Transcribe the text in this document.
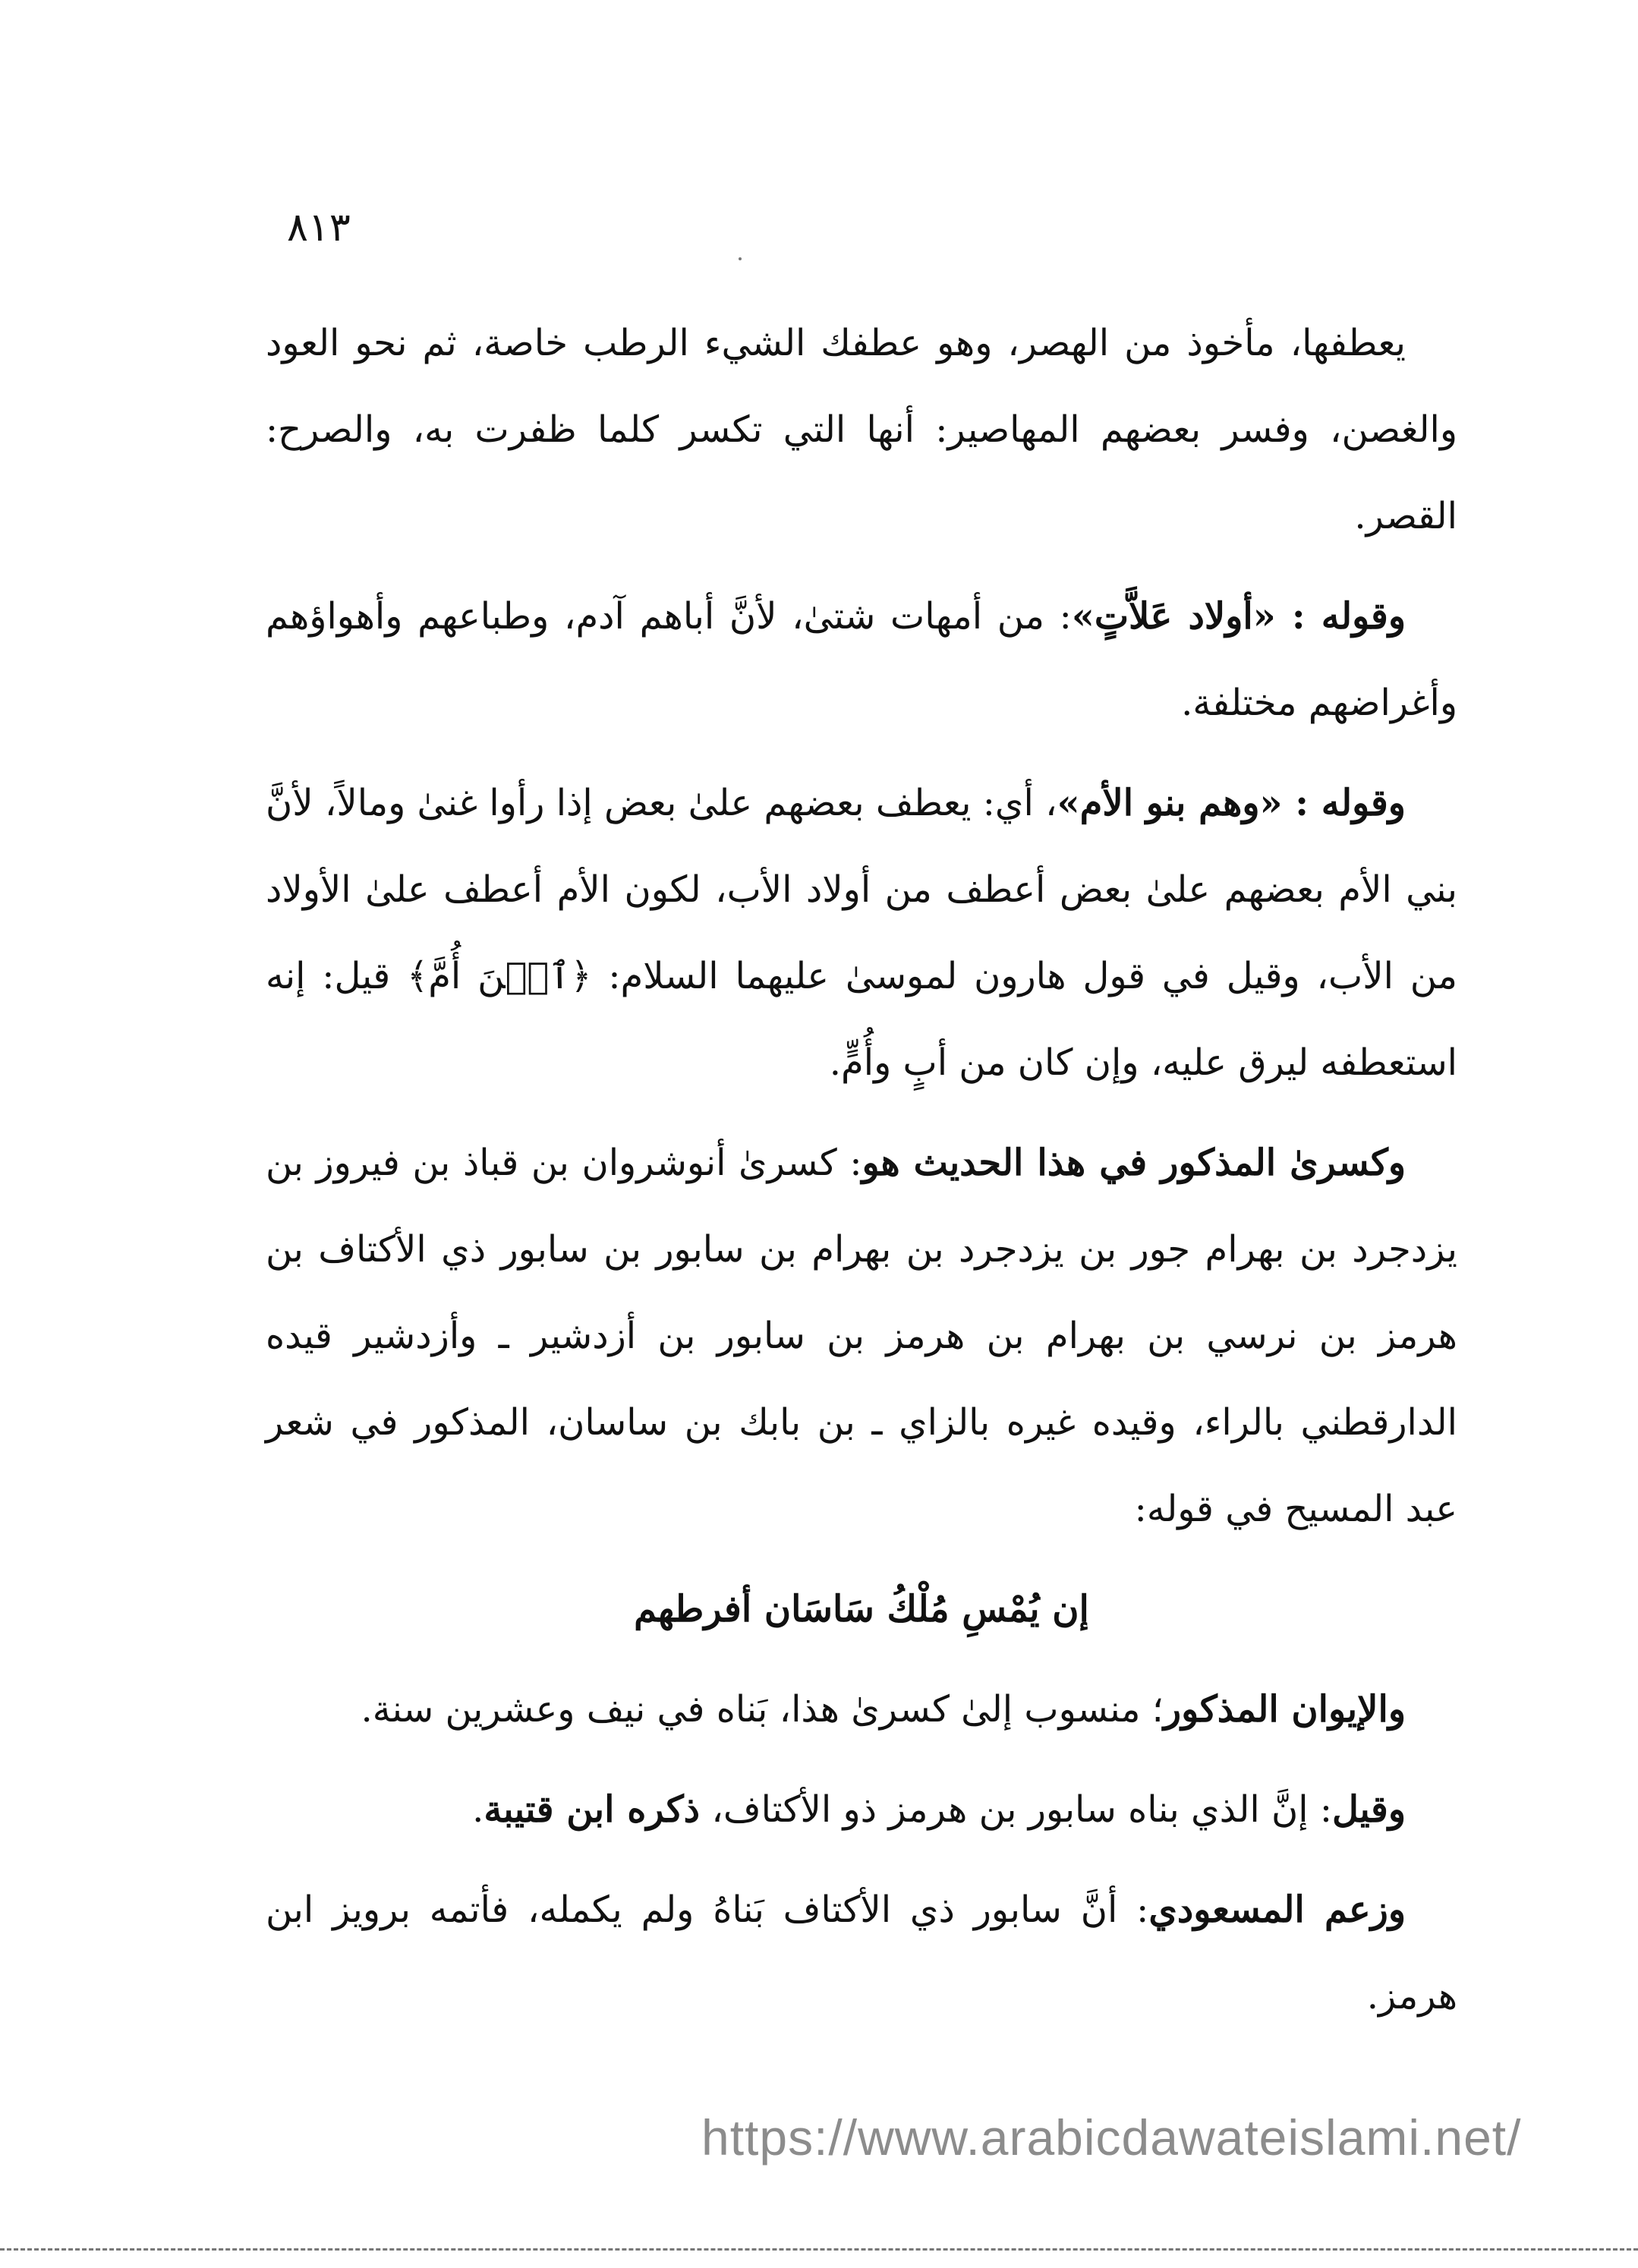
٨١٣

يعطفها، مأخوذ من الهصر، وهو عطفك الشيء الرطب خاصة، ثم نحو العود والغصن، وفسر بعضهم المهاصير: أنها التي تكسر كلما ظفرت به، والصرح: القصر.

وقوله : «أولاد عَلاَّتٍ»: من أمهات شتىٰ، لأنَّ أباهم آدم، وطباعهم وأهواؤهم وأغراضهم مختلفة.

وقوله : «وهم بنو الأم»، أي: يعطف بعضهم علىٰ بعض إذا رأوا غنىٰ ومالاً، لأنَّ بني الأم بعضهم علىٰ بعض أعطف من أولاد الأب، لكون الأم أعطف علىٰ الأولاد من الأب، وقيل في قول هارون لموسىٰ عليهما السلام: ﴿ٱبۡنَ أُمَّ﴾ قيل: إنه استعطفه ليرق عليه، وإن كان من أبٍ وأُمٍّ.

وكسرىٰ المذكور في هذا الحديث هو: كسرىٰ أنوشروان بن قباذ بن فيروز بن يزدجرد بن بهرام جور بن يزدجرد بن بهرام بن سابور بن سابور ذي الأكتاف بن هرمز بن نرسي بن بهرام بن هرمز بن سابور بن أزدشير ـ وأزدشير قيده الدارقطني بالراء، وقيده غيره بالزاي ـ بن بابك بن ساسان، المذكور في شعر عبد المسيح في قوله:

إن يُمْسِ مُلْكُ سَاسَان أفرطهم

والإيوان المذكور؛ منسوب إلىٰ كسرىٰ هذا، بَناه في نيف وعشرين سنة.

وقيل: إنَّ الذي بناه سابور بن هرمز ذو الأكتاف، ذكره ابن قتيبة.

وزعم المسعودي: أنَّ سابور ذي الأكتاف بَناهُ ولم يكمله، فأتمه برويز ابن هرمز.

https://www.arabicdawateislami.net/
